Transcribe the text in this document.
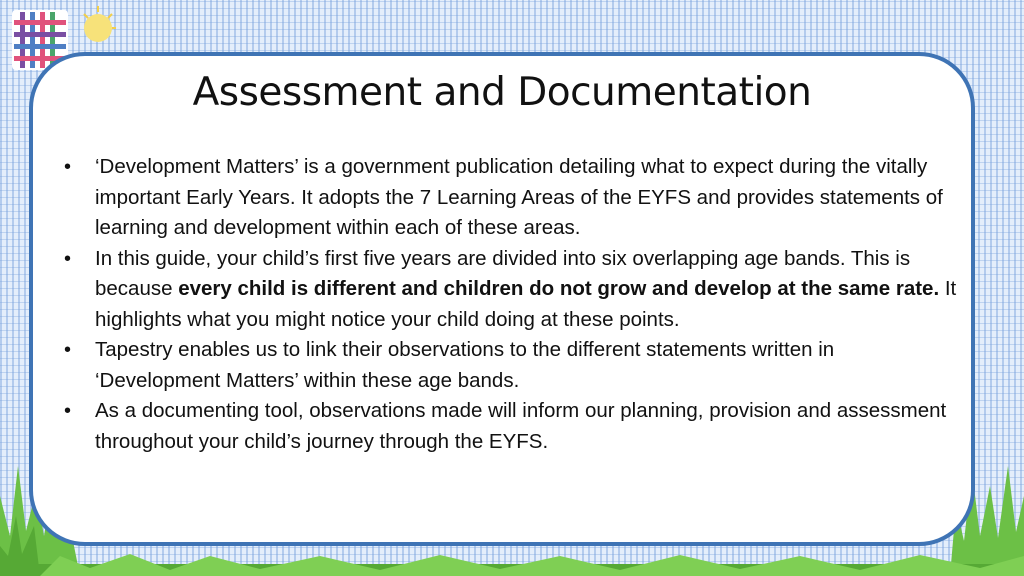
Assessment and Documentation
• ‘Development Matters’ is a government publication detailing what to expect during the vitally important Early Years. It adopts the 7 Learning Areas of the EYFS and provides statements of learning and development within each of these areas.
• In this guide, your child’s first five years are divided into six overlapping age bands. This is because every child is different and children do not grow and develop at the same rate. It highlights what you might notice your child doing at these points.
• Tapestry enables us to link their observations to the different statements written in ‘Development Matters’ within these age bands.
• As a documenting tool, observations made will inform our planning, provision and assessment throughout your child’s journey through the EYFS.
